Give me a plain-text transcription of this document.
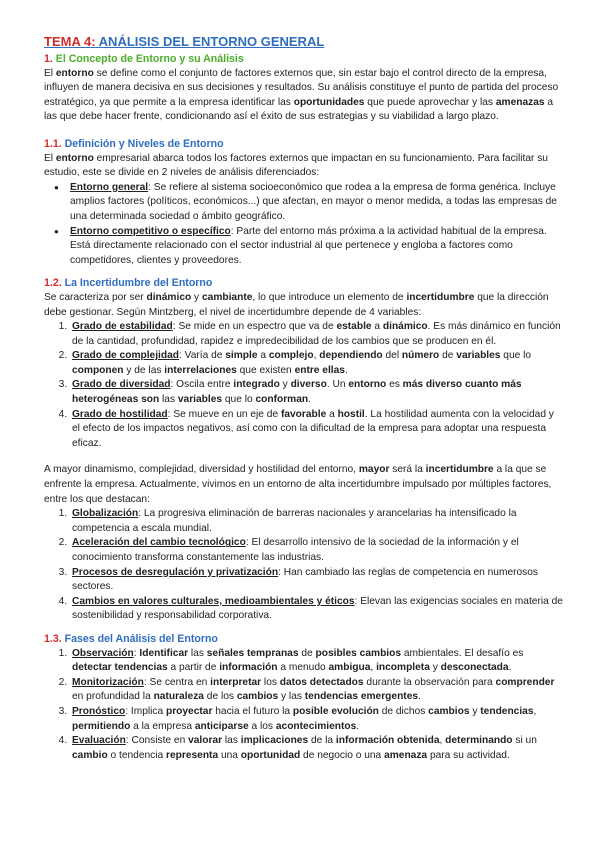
TEMA 4: ANÁLISIS DEL ENTORNO GENERAL
1. El Concepto de Entorno y su Análisis

El entorno se define como el conjunto de factores externos que, sin estar bajo el control directo de la empresa, influyen de manera decisiva en sus decisiones y resultados. Su análisis constituye el punto de partida del proceso estratégico, ya que permite a la empresa identificar las oportunidades que puede aprovechar y las amenazas a las que debe hacer frente, condicionando así el éxito de sus estrategias y su viabilidad a largo plazo.

1.1. Definición y Niveles de Entorno

El entorno empresarial abarca todos los factores externos que impactan en su funcionamiento. Para facilitar su estudio, este se divide en 2 niveles de análisis diferenciados:

● Entorno general: Se refiere al sistema socioeconómico que rodea a la empresa de forma genérica. Incluye amplios factores (políticos, económicos...) que afectan, en mayor o menor medida, a todas las empresas de una determinada sociedad o ámbito geográfico.
● Entorno competitivo o específico: Parte del entorno más próxima a la actividad habitual de la empresa. Está directamente relacionado con el sector industrial al que pertenece y engloba a factores como competidores, clientes y proveedores.
1.2. La Incertidumbre del Entorno

Se caracteriza por ser dinámico y cambiante, lo que introduce un elemento de incertidumbre que la dirección debe gestionar. Según Mintzberg, el nivel de incertidumbre depende de 4 variables:

1. Grado de estabilidad: Se mide en un espectro que va de estable a dinámico. Es más dinámico en función de la cantidad, profundidad, rapidez e impredecibilidad de los cambios que se producen en él.
2. Grado de complejidad: Varía de simple a complejo, dependiendo del número de variables que lo componen y de las interrelaciones que existen entre ellas.
3. Grado de diversidad: Oscila entre integrado y diverso. Un entorno es más diverso cuanto más heterogéneas son las variables que lo conforman.
4. Grado de hostilidad: Se mueve en un eje de favorable a hostil. La hostilidad aumenta con la velocidad y el efecto de los impactos negativos, así como con la dificultad de la empresa para adoptar una respuesta eficaz.

A mayor dinamismo, complejidad, diversidad y hostilidad del entorno, mayor será la incertidumbre a la que se enfrente la empresa. Actualmente, vivimos en un entorno de alta incertidumbre impulsado por múltiples factores, entre los que destacan:

1. Globalización: La progresiva eliminación de barreras nacionales y arancelarias ha intensificado la competencia a escala mundial.
2. Aceleración del cambio tecnológico: El desarrollo intensivo de la sociedad de la información y el conocimiento transforma constantemente las industrias.
3. Procesos de desregulación y privatización: Han cambiado las reglas de competencia en numerosos sectores.
4. Cambios en valores culturales, medioambientales y éticos: Elevan las exigencias sociales en materia de sostenibilidad y responsabilidad corporativa.
1.3. Fases del Análisis del Entorno
1. Observación: Identificar las señales tempranas de posibles cambios ambientales. El desafío es detectar tendencias a partir de información a menudo ambigua, incompleta y desconectada.
2. Monitorización: Se centra en interpretar los datos detectados durante la observación para comprender en profundidad la naturaleza de los cambios y las tendencias emergentes.
3. Pronóstico: Implica proyectar hacia el futuro la posible evolución de dichos cambios y tendencias, permitiendo a la empresa anticiparse a los acontecimientos.
4. Evaluación: Consiste en valorar las implicaciones de la información obtenida, determinando si un cambio o tendencia representa una oportunidad de negocio o una amenaza para su actividad.
